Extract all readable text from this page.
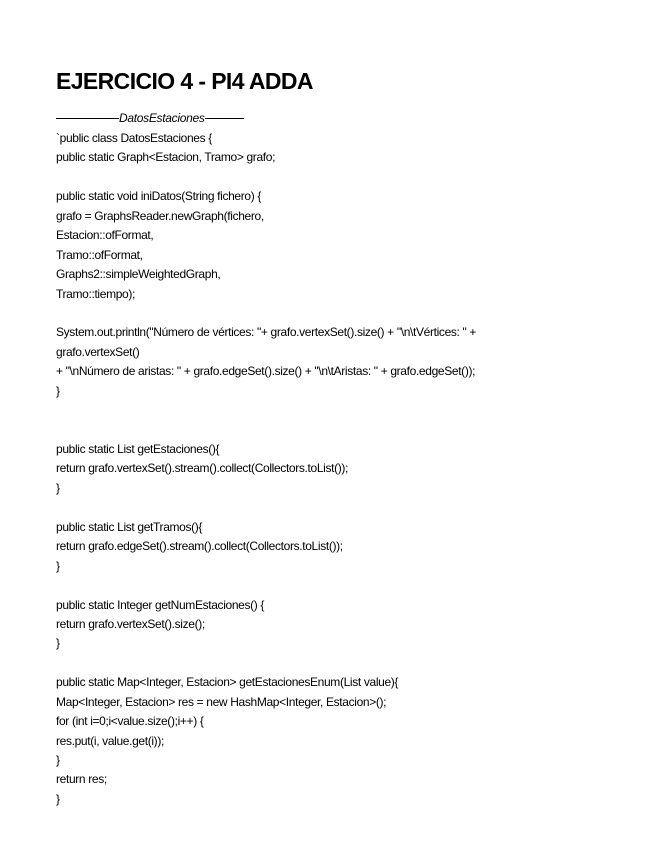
EJERCICIO 4 - PI4 ADDA
DatosEstaciones
`public class DatosEstaciones {
public static Graph<Estacion, Tramo> grafo;
public static void iniDatos(String fichero) {
grafo = GraphsReader.newGraph(fichero,
Estacion::ofFormat,
Tramo::ofFormat,
Graphs2::simpleWeightedGraph,
Tramo::tiempo);
System.out.println("Número de vértices: "+ grafo.vertexSet().size() + "\n\tVértices: " +
grafo.vertexSet()
+ "\nNúmero de aristas: " + grafo.edgeSet().size() + "\n\tAristas: " + grafo.edgeSet());
}
public static List getEstaciones(){
return grafo.vertexSet().stream().collect(Collectors.toList());
}
public static List getTramos(){
return grafo.edgeSet().stream().collect(Collectors.toList());
}
public static Integer getNumEstaciones() {
return grafo.vertexSet().size();
}
public static Map<Integer, Estacion> getEstacionesEnum(List value){
Map<Integer, Estacion> res = new HashMap<Integer, Estacion>();
for (int i=0;i<value.size();i++) {
res.put(i, value.get(i));
}
return res;
}
